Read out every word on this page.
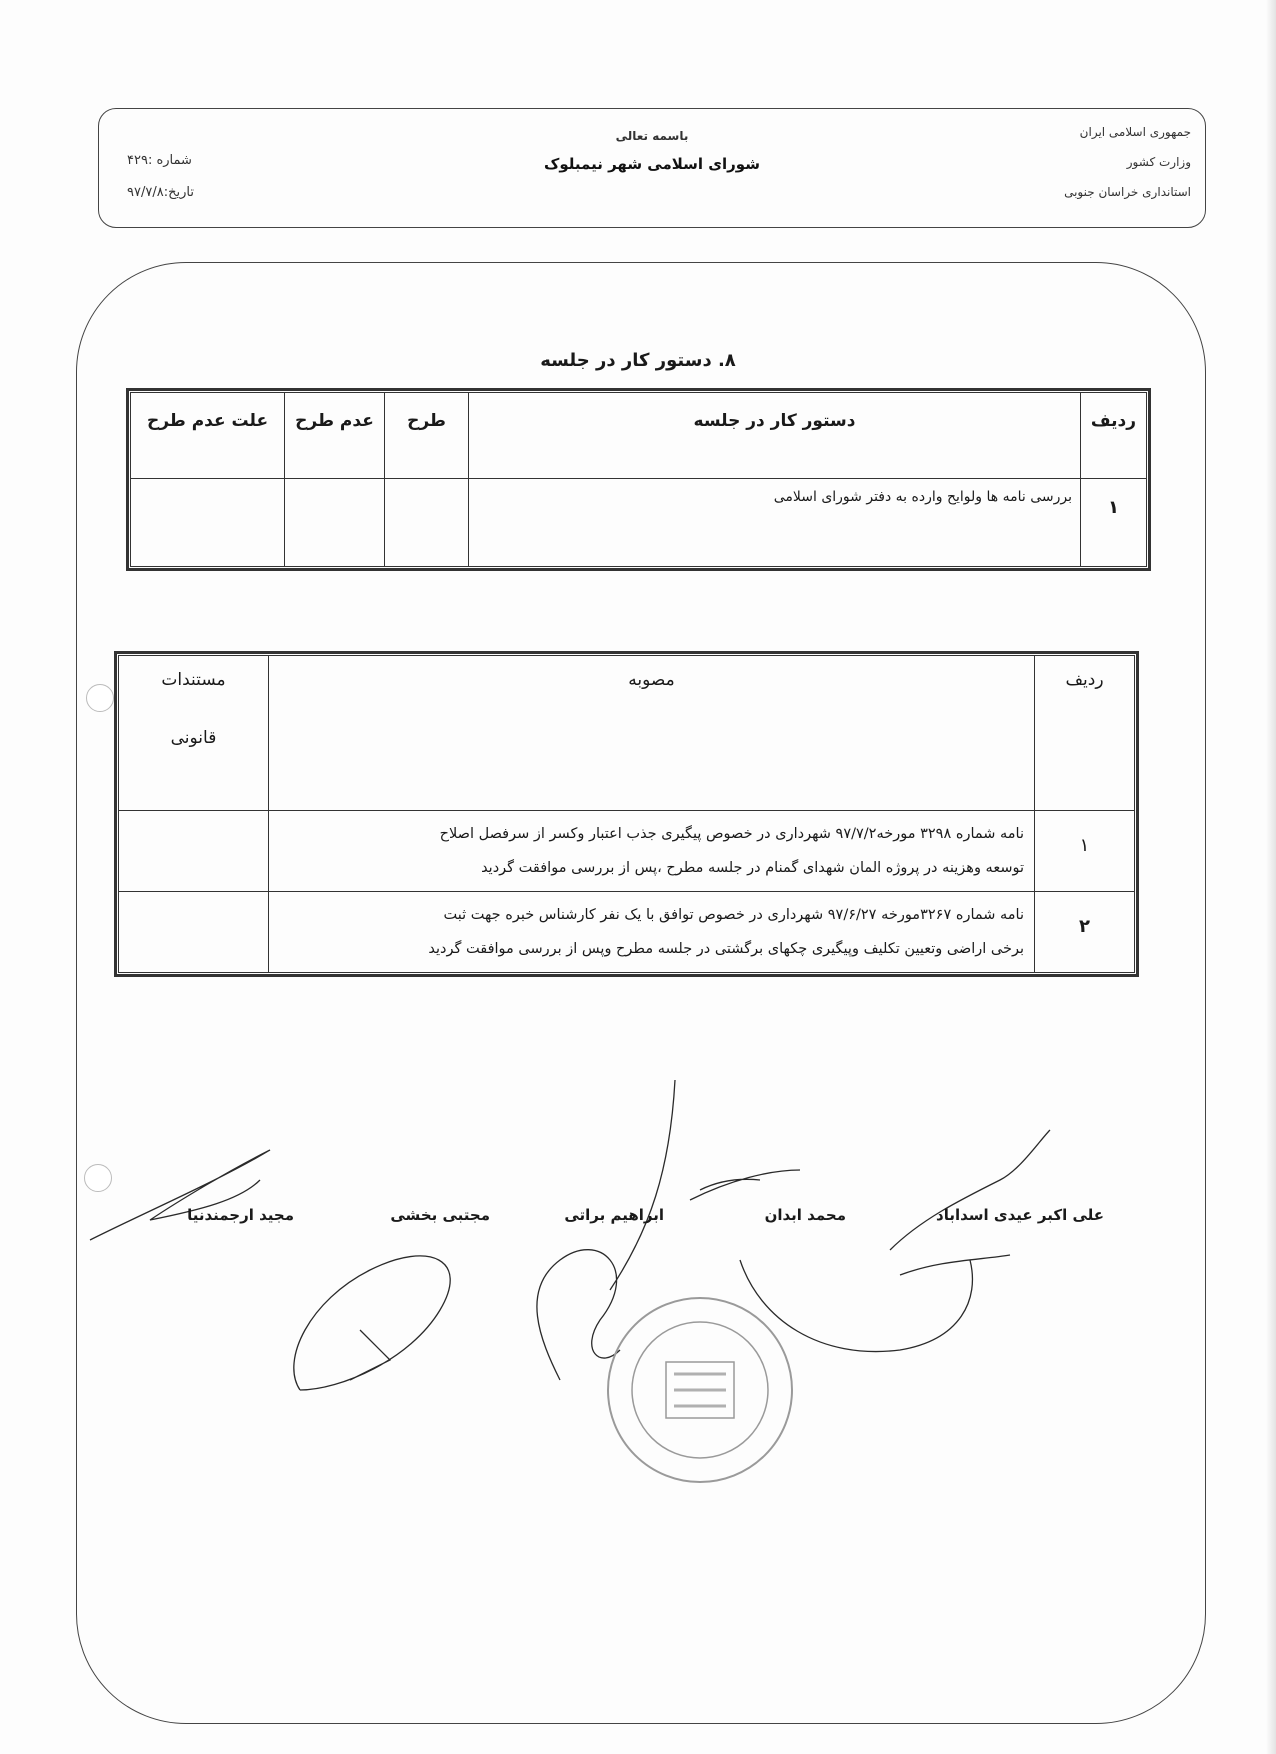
جمهوری اسلامی ایران
وزارت کشور
استانداری خراسان جنوبی
باسمه تعالی
شورای اسلامی شهر نیمبلوک
شماره :۴۲۹
تاریخ:۹۷/۷/۸
۸. دستور کار در جلسه
ردیف	دستور کار در جلسه	طرح	عدم طرح	علت عدم طرح
۱	بررسی نامه ها ولوایح وارده به دفتر شورای اسلامی			
ردیف	مصوبه	مستندات
قانونی

۱	نامه شماره ۳۲۹۸ مورخه۹۷/۷/۲ شهرداری در خصوص پیگیری جذب اعتبار وکسر از سرفصل اصلاح
توسعه وهزینه در پروژه المان شهدای گمنام در جلسه مطرح ،پس از بررسی موافقت گردید	

۲	نامه شماره ۳۲۶۷مورخه ۹۷/۶/۲۷ شهرداری در خصوص توافق با یک نفر کارشناس خبره جهت ثبت
برخی اراضی وتعیین تکلیف وپیگیری چکهای برگشتی در جلسه مطرح وپس از بررسی موافقت گردید	

علی اکبر عیدی اسداباد
محمد ابدان
ابراهیم براتی
مجتبی بخشی
مجید ارجمندنیا
